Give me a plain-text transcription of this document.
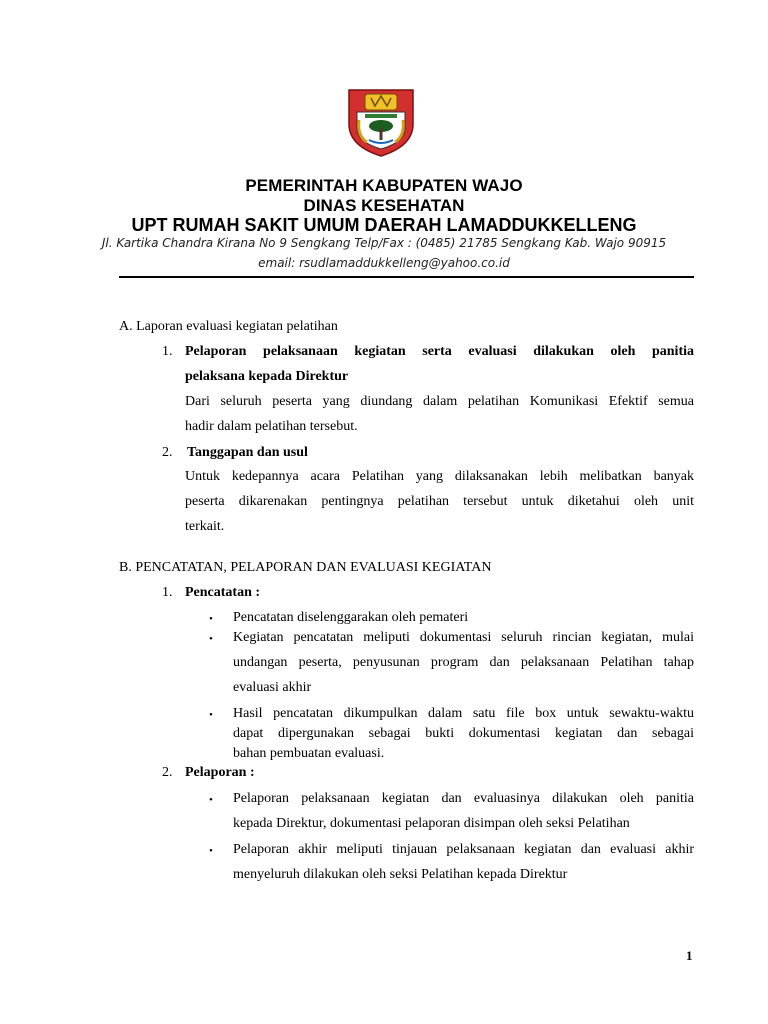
PEMERINTAH KABUPATEN WAJO
DINAS KESEHATAN
UPT RUMAH SAKIT UMUM DAERAH LAMADDUKKELLENG
Jl. Kartika Chandra Kirana No 9 Sengkang Telp/Fax : (0485) 21785 Sengkang Kab. Wajo 90915
email: rsudlamaddukkelleng@yahoo.co.id
A. Laporan evaluasi kegiatan pelatihan
1. Pelaporan pelaksanaan kegiatan serta evaluasi dilakukan oleh panitia
pelaksana kepada Direktur
Dari seluruh peserta yang diundang dalam pelatihan Komunikasi Efektif semua
hadir dalam pelatihan tersebut.
2. Tanggapan dan usul
Untuk kedepannya acara Pelatihan yang dilaksanakan lebih melibatkan banyak
peserta dikarenakan pentingnya pelatihan tersebut untuk diketahui oleh unit
terkait.
B. PENCATATAN, PELAPORAN DAN EVALUASI KEGIATAN
1. Pencatatan :
• Pencatatan diselenggarakan oleh pemateri
• Kegiatan pencatatan meliputi dokumentasi seluruh rincian kegiatan, mulai
undangan peserta, penyusunan program dan pelaksanaan Pelatihan tahap
evaluasi akhir
• Hasil pencatatan dikumpulkan dalam satu file box untuk sewaktu-waktu
dapat dipergunakan sebagai bukti dokumentasi kegiatan dan sebagai
bahan pembuatan evaluasi.
2. Pelaporan :
• Pelaporan pelaksanaan kegiatan dan evaluasinya dilakukan oleh panitia
kepada Direktur, dokumentasi pelaporan disimpan oleh seksi Pelatihan
• Pelaporan akhir meliputi tinjauan pelaksanaan kegiatan dan evaluasi akhir
menyeluruh dilakukan oleh seksi Pelatihan kepada Direktur
1
